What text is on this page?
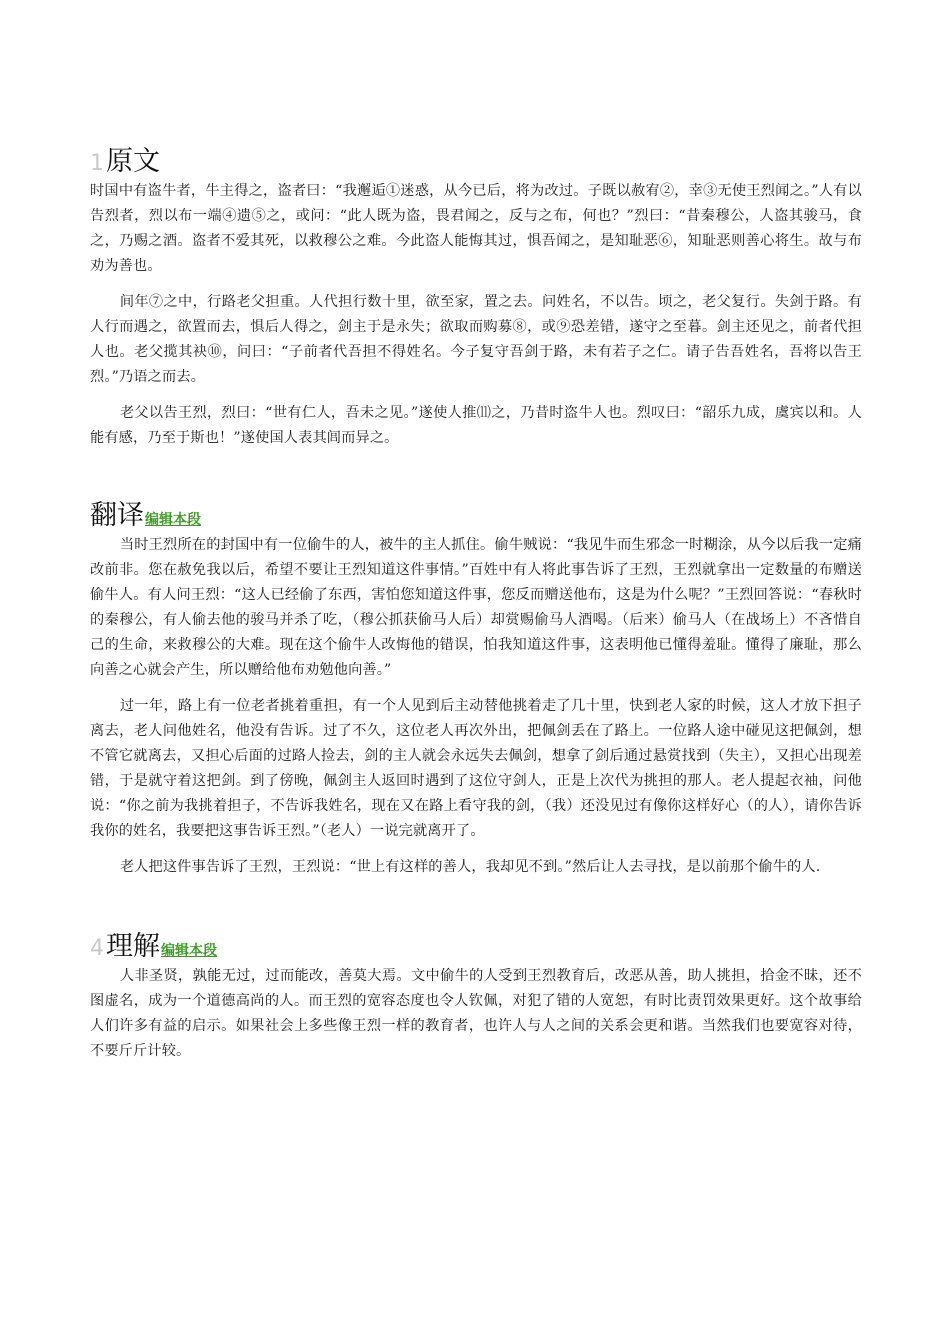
1 原文

时国中有盗牛者，牛主得之，盗者曰：“我邂逅①迷惑，从今已后，将为改过。子既以赦宥②，幸③无使王烈闻之。”人有以告烈者，烈以布一端④遗⑤之，或问：“此人既为盗，畏君闻之，反与之布，何也？”烈曰：“昔秦穆公，人盗其骏马，食之，乃赐之酒。盗者不爱其死，以救穆公之难。今此盗人能悔其过，惧吾闻之，是知耻恶⑥，知耻恶则善心将生。故与布劝为善也。

间年⑦之中，行路老父担重。人代担行数十里，欲至家，置之去。问姓名，不以告。顷之，老父复行。失剑于路。有人行而遇之，欲置而去，惧后人得之，剑主于是永失；欲取而购募⑧，或⑨恐差错，遂守之至暮。剑主还见之，前者代担人也。老父揽其袂⑩，问曰：“子前者代吾担不得姓名。今子复守吾剑于路，未有若子之仁。请子告吾姓名，吾将以告王烈。”乃语之而去。

老父以告王烈，烈曰：“世有仁人，吾未之见。”遂使人推⑾之，乃昔时盗牛人也。烈叹曰：“韶乐九成，虞宾以和。人能有感，乃至于斯也！”遂使国人表其闾而异之。

翻译 编辑本段

当时王烈所在的封国中有一位偷牛的人，被牛的主人抓住。偷牛贼说：“我见牛而生邪念一时糊涂，从今以后我一定痛改前非。您在赦免我以后，希望不要让王烈知道这件事情。”百姓中有人将此事告诉了王烈，王烈就拿出一定数量的布赠送偷牛人。有人问王烈：“这人已经偷了东西，害怕您知道这件事，您反而赠送他布，这是为什么呢？”王烈回答说：“春秋时的秦穆公，有人偷去他的骏马并杀了吃，（穆公抓获偷马人后）却赏赐偷马人酒喝。（后来）偷马人（在战场上）不吝惜自己的生命，来救穆公的大难。现在这个偷牛人改悔他的错误，怕我知道这件事，这表明他已懂得羞耻。懂得了廉耻，那么向善之心就会产生，所以赠给他布劝勉他向善。”

过一年，路上有一位老者挑着重担，有一个人见到后主动替他挑着走了几十里，快到老人家的时候，这人才放下担子离去，老人问他姓名，他没有告诉。过了不久，这位老人再次外出，把佩剑丢在了路上。一位路人途中碰见这把佩剑，想不管它就离去，又担心后面的过路人捡去，剑的主人就会永远失去佩剑，想拿了剑后通过悬赏找到（失主），又担心出现差错，于是就守着这把剑。到了傍晚，佩剑主人返回时遇到了这位守剑人，正是上次代为挑担的那人。老人提起衣袖，问他说：“你之前为我挑着担子，不告诉我姓名，现在又在路上看守我的剑，（我）还没见过有像你这样好心（的人），请你告诉我你的姓名，我要把这事告诉王烈。”（老人）一说完就离开了。

老人把这件事告诉了王烈，王烈说：“世上有这样的善人，我却见不到。”然后让人去寻找，是以前那个偷牛的人.

4 理解 编辑本段

人非圣贤，孰能无过，过而能改，善莫大焉。文中偷牛的人受到王烈教育后，改恶从善，助人挑担，拾金不昧，还不图虚名，成为一个道德高尚的人。而王烈的宽容态度也令人钦佩，对犯了错的人宽恕，有时比责罚效果更好。这个故事给人们许多有益的启示。如果社会上多些像王烈一样的教育者，也许人与人之间的关系会更和谐。当然我们也要宽容对待，不要斤斤计较。
